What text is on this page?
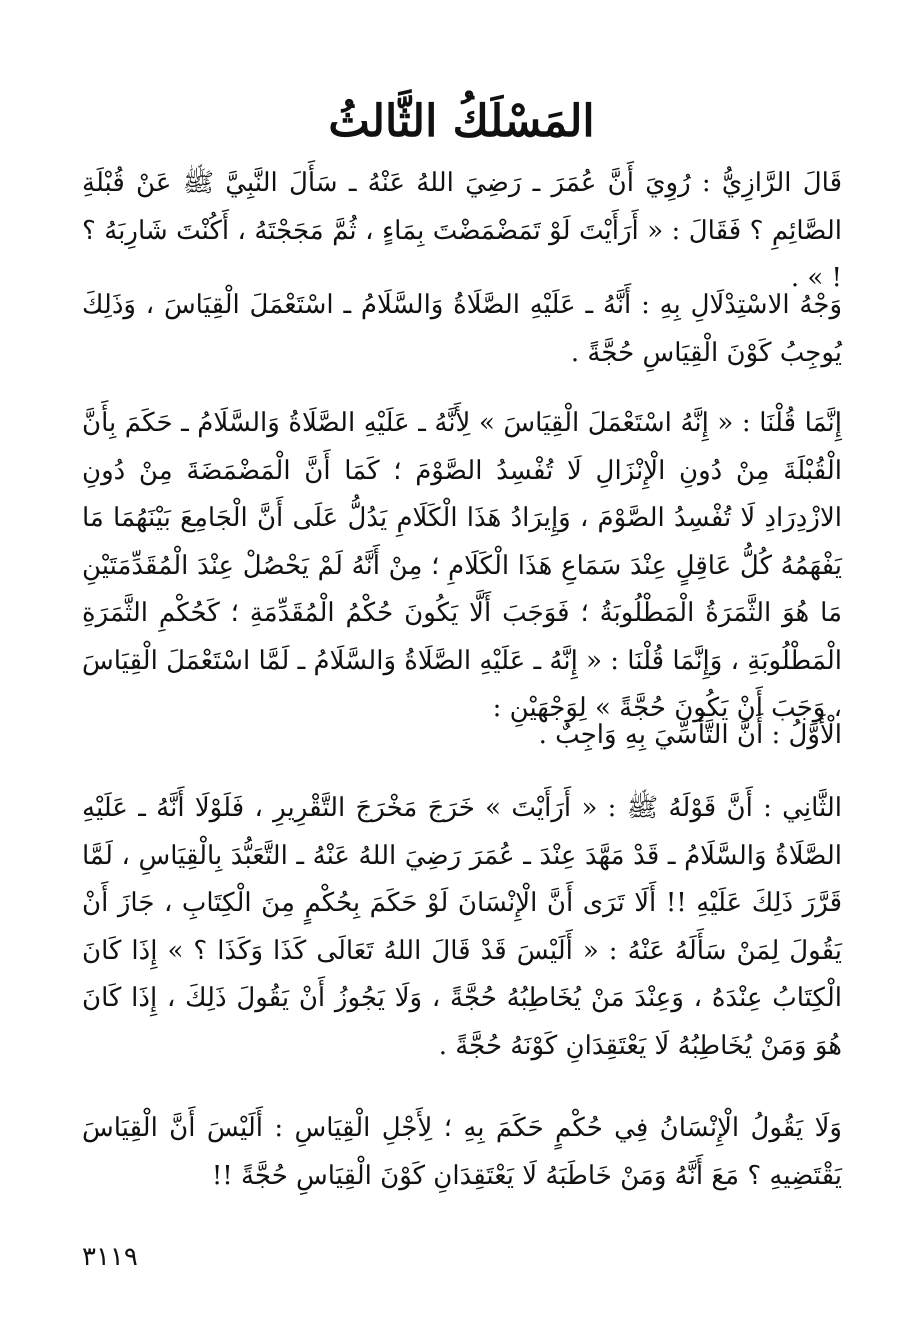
المَسْلَكُ الثَّالثُ
قَالَ الرَّازِيُّ : رُوِيَ أَنَّ عُمَرَ ـ رَضِيَ اللهُ عَنْهُ ـ سَأَلَ النَّبِيَّ ﷺ عَنْ قُبْلَةِ الصَّائِمِ ؟ فَقَالَ : « أَرَأَيْتَ لَوْ تَمَضْمَضْتَ بِمَاءٍ ، ثُمَّ مَجَجْتَهُ ، أَكُنْتَ شَارِبَهُ ؟ ! » .
وَجْهُ الاسْتِدْلَالِ بِهِ : أَنَّهُ ـ عَلَيْهِ الصَّلَاةُ وَالسَّلَامُ ـ اسْتَعْمَلَ الْقِيَاسَ ، وَذَلِكَ يُوجِبُ كَوْنَ الْقِيَاسِ حُجَّةً .
إِنَّمَا قُلْنَا : « إِنَّهُ اسْتَعْمَلَ الْقِيَاسَ » لِأَنَّهُ ـ عَلَيْهِ الصَّلَاةُ وَالسَّلَامُ ـ حَكَمَ بِأَنَّ الْقُبْلَةَ مِنْ دُونِ الْإِنْزَالِ لَا تُفْسِدُ الصَّوْمَ ؛ كَمَا أَنَّ الْمَضْمَضَةَ مِنْ دُونِ الازْدِرَادِ لَا تُفْسِدُ الصَّوْمَ ، وَإِيرَادُ هَذَا الْكَلَامِ يَدُلُّ عَلَى أَنَّ الْجَامِعَ بَيْنَهُمَا مَا يَفْهَمُهُ كُلُّ عَاقِلٍ عِنْدَ سَمَاعِ هَذَا الْكَلَامِ ؛ مِنْ أَنَّهُ لَمْ يَحْصُلْ عِنْدَ الْمُقَدِّمَتَيْنِ مَا هُوَ الثَّمَرَةُ الْمَطْلُوبَةُ ؛ فَوَجَبَ أَلَّا يَكُونَ حُكْمُ الْمُقَدِّمَةِ ؛ كَحُكْمِ الثَّمَرَةِ الْمَطْلُوبَةِ ، وَإِنَّمَا قُلْنَا : « إِنَّهُ ـ عَلَيْهِ الصَّلَاةُ وَالسَّلَامُ ـ لَمَّا اسْتَعْمَلَ الْقِيَاسَ ، وَجَبَ أَنْ يَكُونَ حُجَّةً » لِوَجْهَيْنِ :
الْأَوَّلُ : أَنَّ التَّأَسِّيَ بِهِ وَاجِبٌ .
الثَّانِي : أَنَّ قَوْلَهُ ﷺ : « أَرَأَيْتَ » خَرَجَ مَخْرَجَ التَّقْرِيرِ ، فَلَوْلَا أَنَّهُ ـ عَلَيْهِ الصَّلَاةُ وَالسَّلَامُ ـ قَدْ مَهَّدَ عِنْدَ ـ عُمَرَ رَضِيَ اللهُ عَنْهُ ـ التَّعَبُّدَ بِالْقِيَاسِ ، لَمَّا قَرَّرَ ذَلِكَ عَلَيْهِ !! أَلَا تَرَى أَنَّ الْإِنْسَانَ لَوْ حَكَمَ بِحُكْمٍ مِنَ الْكِتَابِ ، جَازَ أَنْ يَقُولَ لِمَنْ سَأَلَهُ عَنْهُ : « أَلَيْسَ قَدْ قَالَ اللهُ تَعَالَى كَذَا وَكَذَا ؟ » إِذَا كَانَ الْكِتَابُ عِنْدَهُ ، وَعِنْدَ مَنْ يُخَاطِبُهُ حُجَّةً ، وَلَا يَجُوزُ أَنْ يَقُولَ ذَلِكَ ، إِذَا كَانَ هُوَ وَمَنْ يُخَاطِبُهُ لَا يَعْتَقِدَانِ كَوْنَهُ حُجَّةً .
وَلَا يَقُولُ الْإِنْسَانُ فِي حُكْمٍ حَكَمَ بِهِ ؛ لِأَجْلِ الْقِيَاسِ : أَلَيْسَ أَنَّ الْقِيَاسَ يَقْتَضِيهِ ؟ مَعَ أَنَّهُ وَمَنْ خَاطَبَهُ لَا يَعْتَقِدَانِ كَوْنَ الْقِيَاسِ حُجَّةً !!
٣١١٩
